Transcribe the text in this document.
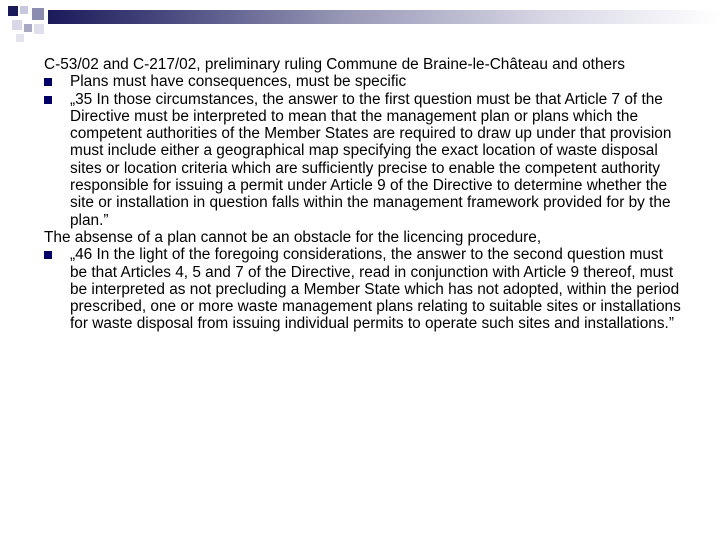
C-53/02 and C-217/02, preliminary ruling Commune de Braine-le-Château and others

Plans must have consequences, must be specific
„35 In those circumstances, the answer to the first question must be that Article 7 of the Directive must be interpreted to mean that the management plan or plans which the competent authorities of the Member States are required to draw up under that provision must include either a geographical map specifying the exact location of waste disposal sites or location criteria which are sufficiently precise to enable the competent authority responsible for issuing a permit under Article 9 of the Directive to determine whether the site or installation in question falls within the management framework provided for by the plan.”

The absense of a plan cannot be an obstacle for the licencing procedure,

„46 In the light of the foregoing considerations, the answer to the second question must be that Articles 4, 5 and 7 of the Directive, read in conjunction with Article 9 thereof, must be interpreted as not precluding a Member State which has not adopted, within the period prescribed, one or more waste management plans relating to suitable sites or installations for waste disposal from issuing individual permits to operate such sites and installations.”
